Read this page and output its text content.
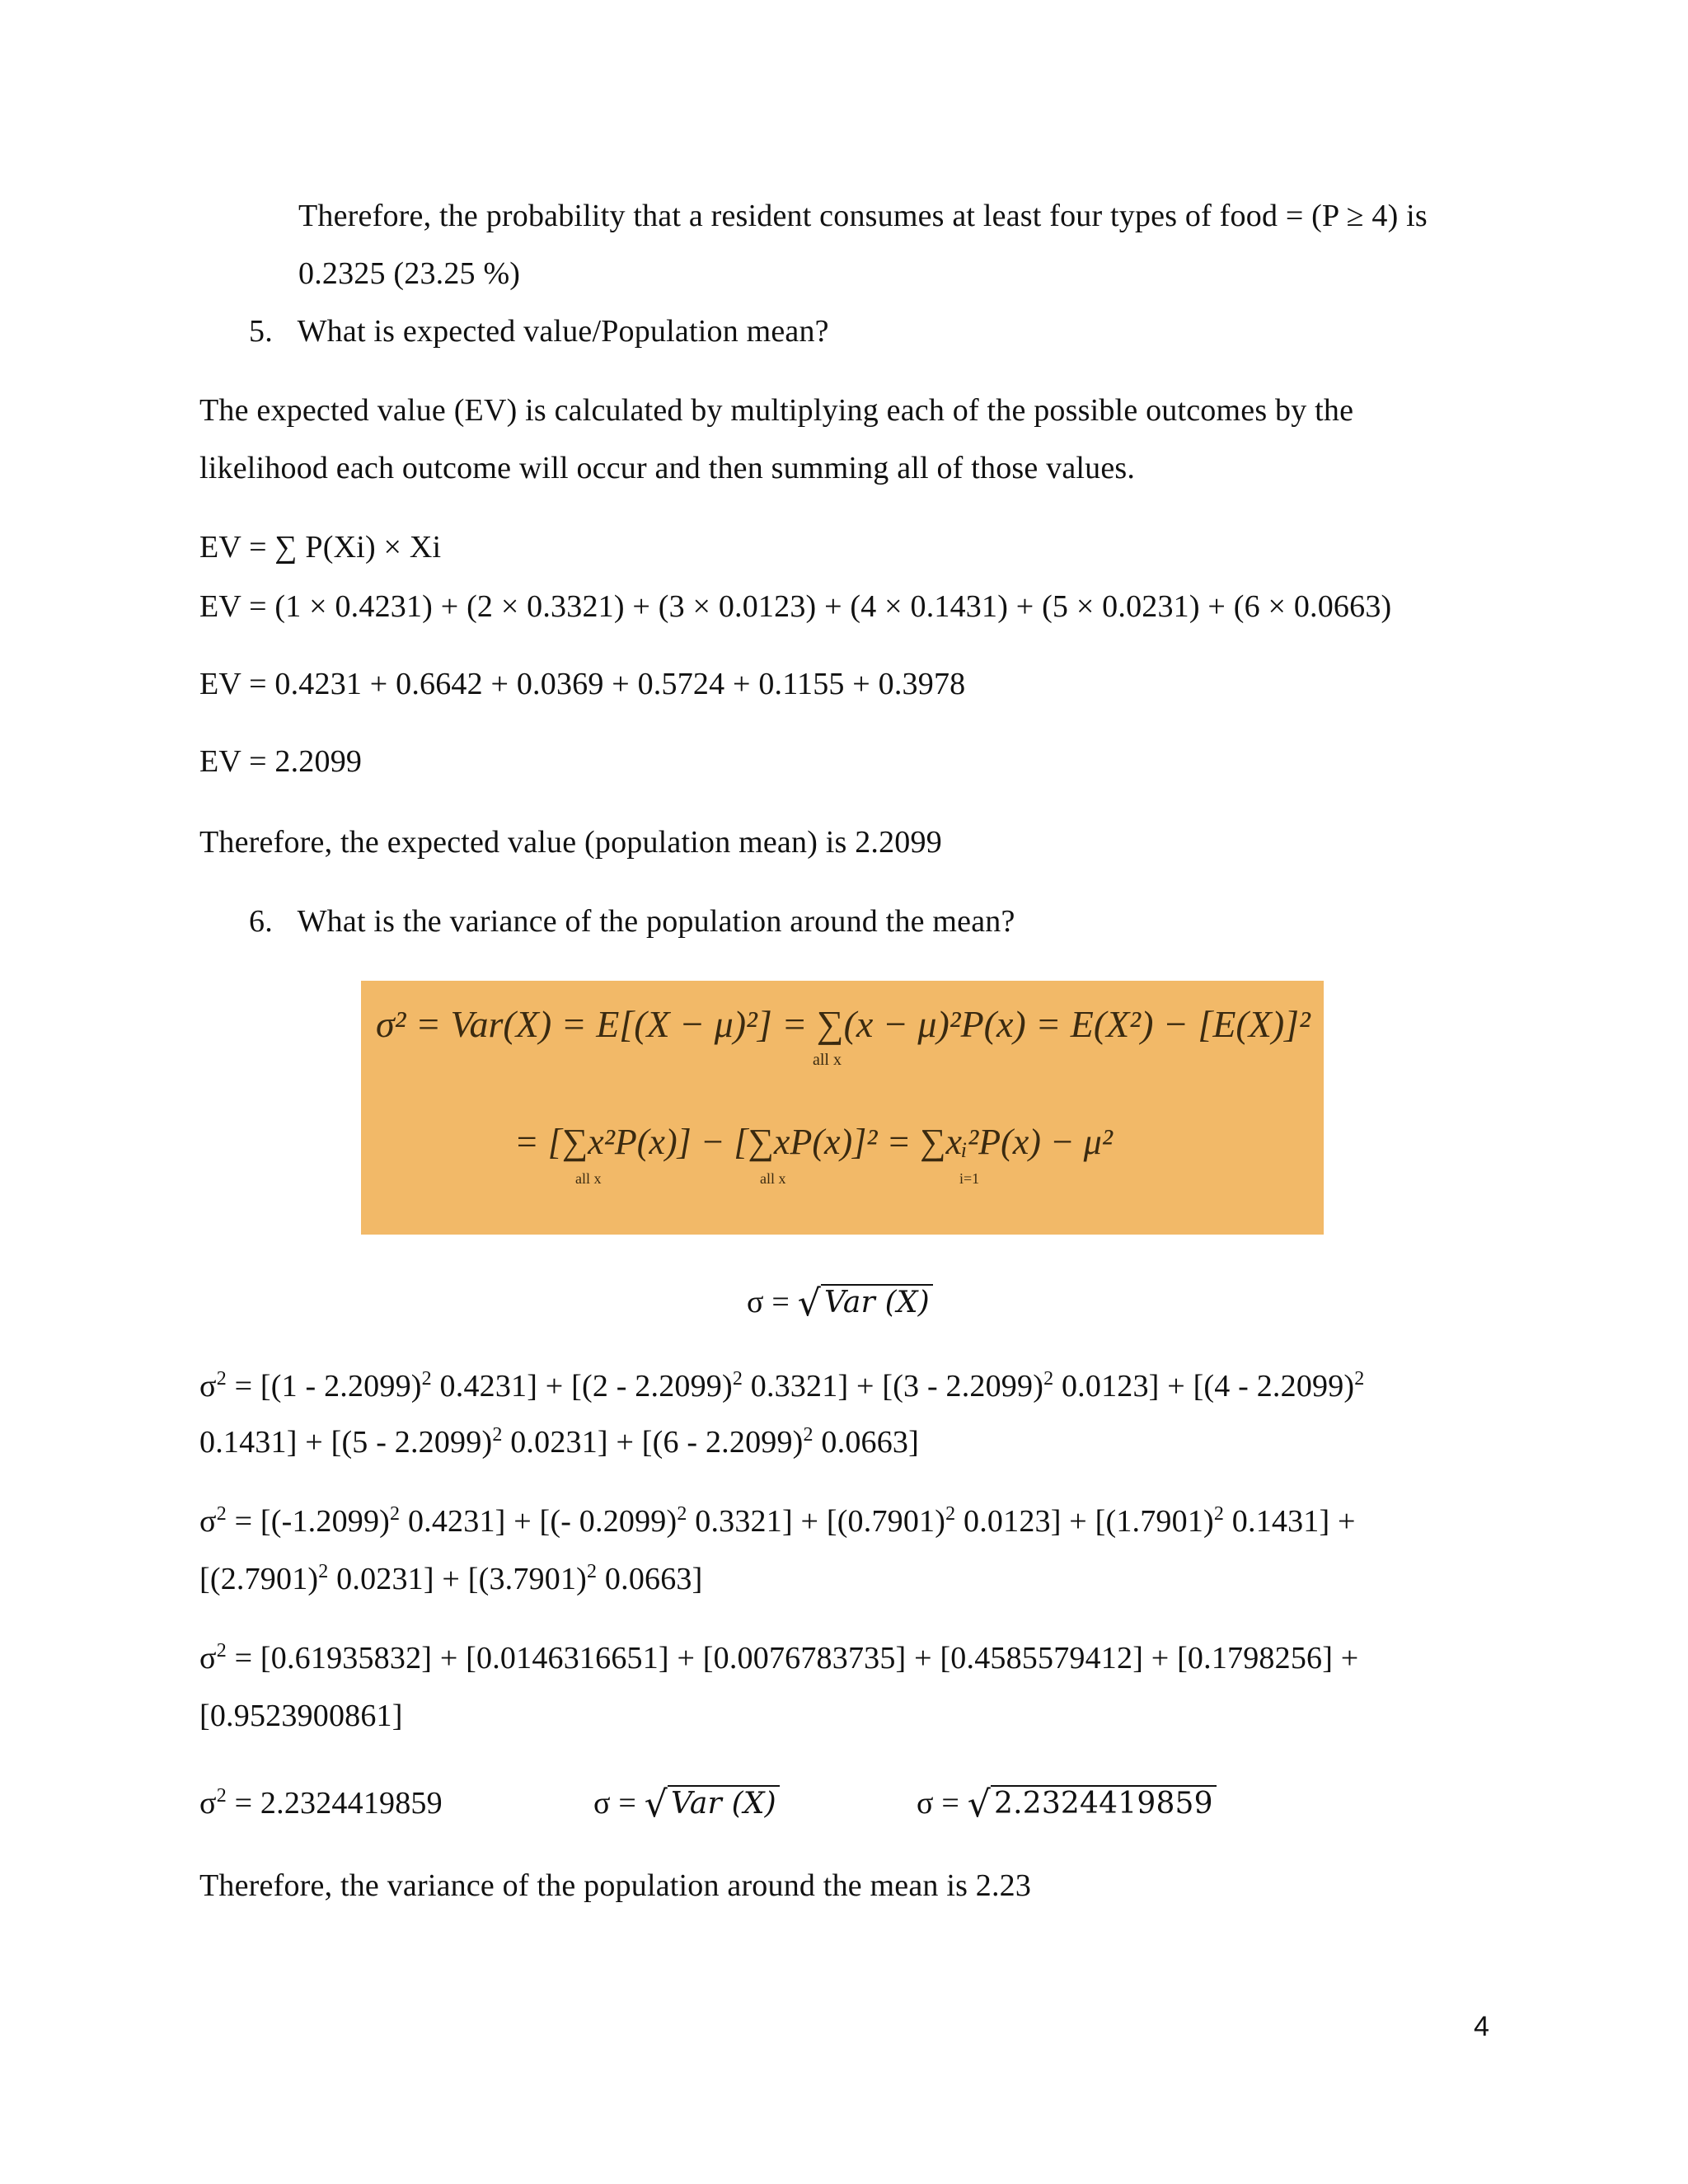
Therefore, the probability that a resident consumes at least four types of food = (P ≥ 4) is
0.2325 (23.25 %)
5. What is expected value/Population mean?
The expected value (EV) is calculated by multiplying each of the possible outcomes by the
likelihood each outcome will occur and then summing all of those values.
EV = ∑ P(Xi) × Xi
EV = (1 × 0.4231) + (2 × 0.3321) + (3 × 0.0123) + (4 × 0.1431) + (5 × 0.0231) + (6 × 0.0663)
EV = 0.4231 + 0.6642 + 0.0369 + 0.5724 + 0.1155 + 0.3978
EV = 2.2099
Therefore, the expected value (population mean) is 2.2099
6. What is the variance of the population around the mean?
σ² = Var(X) = E[(X − μ)²] = ∑(x − μ)²P(x) = E(X²) − [E(X)]²
all x
= [∑x²P(x)] − [∑xP(x)]² = ∑xᵢ²P(x) − μ²
all x	all x	i=1
σ = √ Var (X)
$\sigma^2 = [(1 - 2.2099)^2$ 0.4231] + [(2 - 2.2099)$^2$ 0.3321] + [(3 - 2.2099)$^2$ 0.0123] + [(4 - 2.2099)$^2$
0.1431] + [(5 - 2.2099)$^2$ 0.0231] + [(6 - 2.2099)$^2$ 0.0663]
$\sigma^2 = [(-1.2099)^2$ 0.4231] + [(- 0.2099)$^2$ $0.3321] + [(0.7901)^2$ $0.0123] + [(1.7901)^2$ 0.1431] +
[$(2.7901)^2$ $0.0231] + [(3.7901)^2$ 0.0663]
$\sigma^2 = [0.61935832] + [0.0146316651] + [0.0076783735] + [0.4585579412] + [0.1798256]$ +
[0.9523900861]
$\sigma^2 = 2.2324419859$	σ = √ Var (X)	σ = √ 2.2324419859
Therefore, the variance of the population around the mean is 2.23
4
